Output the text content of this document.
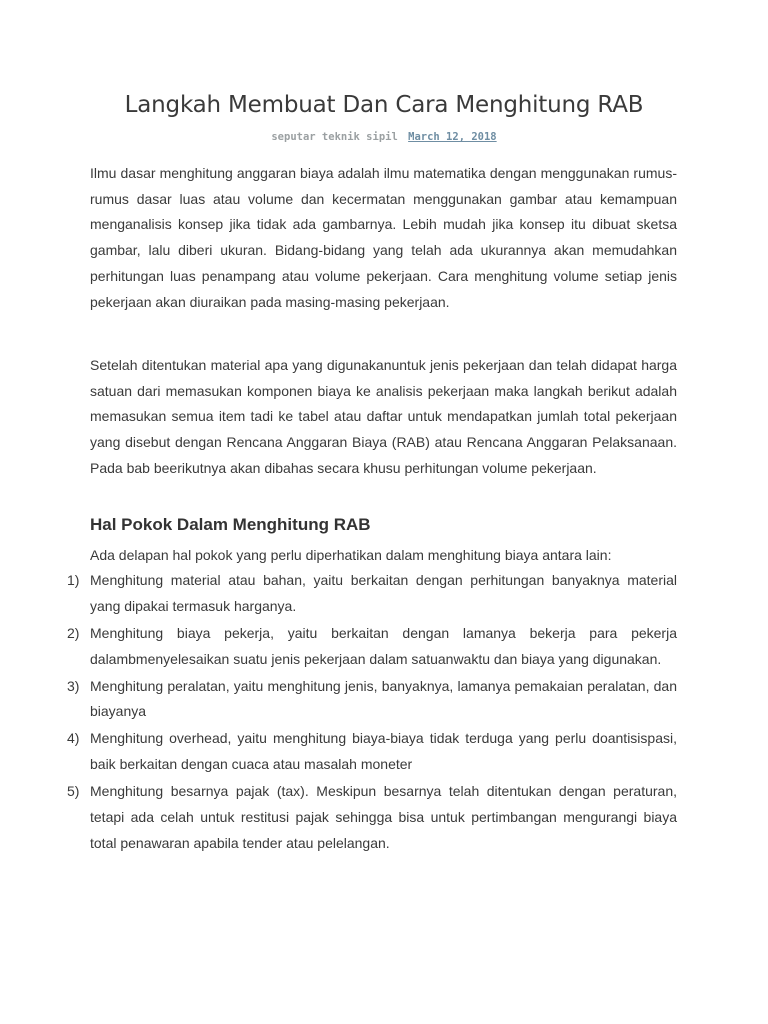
Langkah Membuat Dan Cara Menghitung RAB
seputar teknik sipil March 12, 2018

Ilmu dasar menghitung anggaran biaya adalah ilmu matematika dengan menggunakan rumus-rumus dasar luas atau volume dan kecermatan menggunakan gambar atau kemampuan menganalisis konsep jika tidak ada gambarnya. Lebih mudah jika konsep itu dibuat sketsa gambar, lalu diberi ukuran. Bidang-bidang yang telah ada ukurannya akan memudahkan perhitungan luas penampang atau volume pekerjaan. Cara menghitung volume setiap jenis pekerjaan akan diuraikan pada masing-masing pekerjaan.

Setelah ditentukan material apa yang digunakanuntuk jenis pekerjaan dan telah didapat harga satuan dari memasukan komponen biaya ke analisis pekerjaan maka langkah berikut adalah memasukan semua item tadi ke tabel atau daftar untuk mendapatkan jumlah total pekerjaan yang disebut dengan Rencana Anggaran Biaya (RAB) atau Rencana Anggaran Pelaksanaan. Pada bab beerikutnya akan dibahas secara khusu perhitungan volume pekerjaan.

Hal Pokok Dalam Menghitung RAB

Ada delapan hal pokok yang perlu diperhatikan dalam menghitung biaya antara lain:

1) Menghitung material atau bahan, yaitu berkaitan dengan perhitungan banyaknya material yang dipakai termasuk harganya.
2) Menghitung biaya pekerja, yaitu berkaitan dengan lamanya bekerja para pekerja dalambmenyelesaikan suatu jenis pekerjaan dalam satuanwaktu dan biaya yang digunakan.
3) Menghitung peralatan, yaitu menghitung jenis, banyaknya, lamanya pemakaian peralatan, dan biayanya
4) Menghitung overhead, yaitu menghitung biaya-biaya tidak terduga yang perlu doantisispasi, baik berkaitan dengan cuaca atau masalah moneter
5) Menghitung besarnya pajak (tax). Meskipun besarnya telah ditentukan dengan peraturan, tetapi ada celah untuk restitusi pajak sehingga bisa untuk pertimbangan mengurangi biaya total penawaran apabila tender atau pelelangan.
